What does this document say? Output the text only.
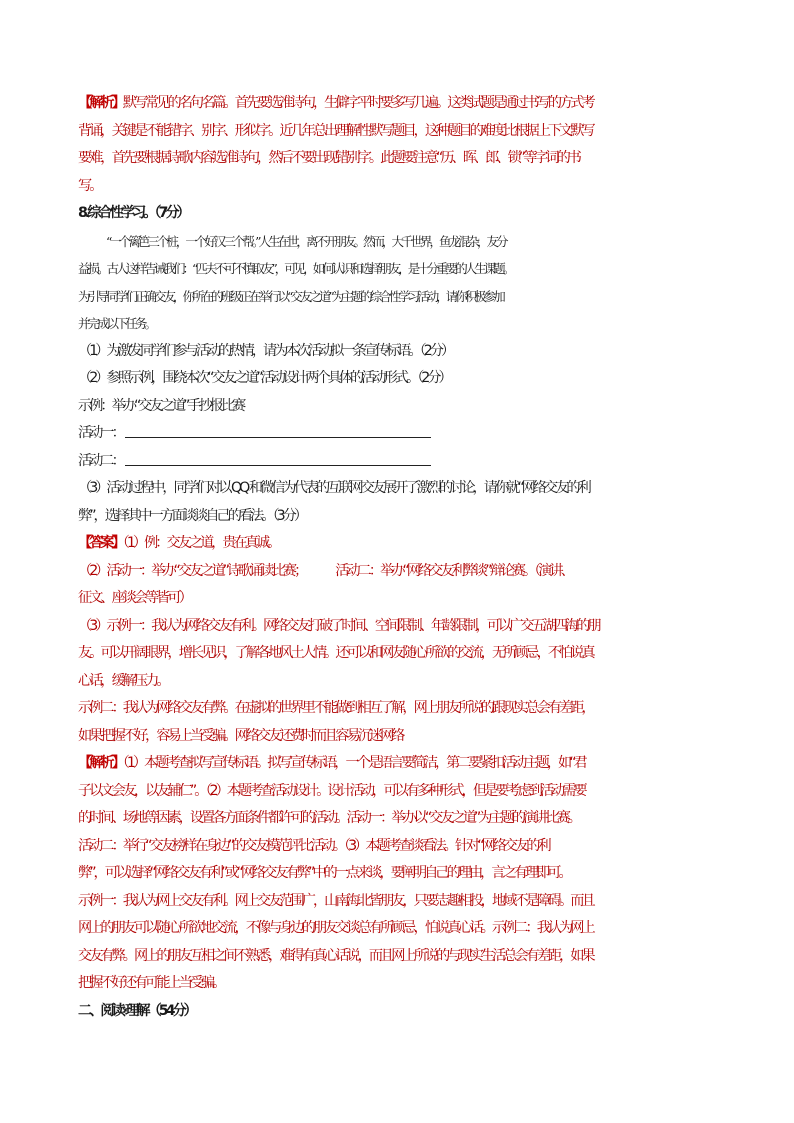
【解析】默写常见的名句名篇。首先要选准诗句，生僻字平时要多写几遍。这类试题是通过书写的方式考
背诵，关键是不能错字、别字、形似字。近几年总出理解性默写题目，这种题目的难度比根据上下文默写
要难，首先要根据诗歌内容选准诗句，然后不要出现错别字。此题要注意“历、晖、郎、锁”等字词的书
写。
8.综合性学习。（7分）
“一个篱笆三个桩，一个好汉三个帮。”人生在世，离不开朋友。然而，大千世界，鱼龙混杂，友分
益损。古人这样告诫我们：“匹夫不可不慎取友”，可见，如何认识和选择朋友，是十分重要的人生课题。
为引导同学们正确交友，你所在的班级正在举行以“交友之道”为主题的综合性学习活动，请你积极参加
并完成以下任务。
（1）为激发同学们参与活动的热情，请为本次活动拟一条宣传标语。（2分）
（2）参照示例，围绕本次“交友之道”活动设计两个具体的活动形式。（2分）
示例：举办“交友之道”手抄报比赛
活动一：
活动二：
（3）活动过程中，同学们对以 QQ 和微信为代表的互联网交友展开了激烈的讨论，请你就“网络交友的利
弊”，选择其中一方面谈谈自己的看法。（3分）
【答案】（1）例：交友之道，贵在真诚。
（2）活动一：举办“交友之道”诗歌诵读比赛； 活动二：举办“网络交友利弊谈”辩论赛。（演讲、
征文、座谈会等皆可）
（3）示例一：我认为网络交友有利。网络交友打破了时间、空间限制、年龄限制，可以广交五湖四海的朋
友。可以开阔眼界，增长见识，了解各地风土人情。还可以和网友随心所欲的交流，无所顾忌，不怕说真
心话，缓解压力。
示例二：我认为网络交友有弊。在虚拟的世界里不能做到相互了解，网上朋友所说的跟现实总会有差距，
如果把握不好，容易上当受骗。网络交友还费时而且容易沉迷网络
【解析】（1）本题考查拟写宣传标语。拟写宣传标语，一个是语言要简洁，第二要紧扣活动主题，如“君
子以文会友，以友辅仁”。（2）本题考查活动设计。设计活动，可以有多种形式，但是要考虑到活动需要
的时间、场地等因素，设置各方面条件都许可的活动。活动一：举办以“交友之道”为主题的演讲比赛。
活动二：举行“交友榜样在身边”的交友模范评比活动。（3）本题考查谈看法。针对“网络交友的利
弊”，可以选择“网络交友有利”或“网络交友有弊”中的一点来谈，要阐明自己的理由，言之有理即可。
示例一：我认为网上交友有利。网上交友范围广，山南海北皆朋友，只要志趣相投，地域不是障碍。而且
网上的朋友可以随心所欲地交流，不像与身边的朋友交谈总有所顾忌，怕说真心话。示例二：我认为网上
交友有弊。网上的朋友互相之间不熟悉，难得有真心话说，而且网上所说的与现实生活总会有差距，如果
把握不好还有可能上当受骗。
二、阅读·理解（54分）
